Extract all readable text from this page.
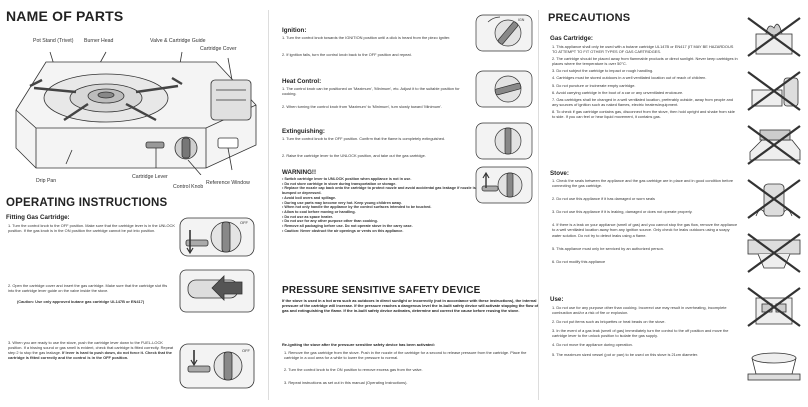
NAME OF PARTS
Pot Stand (Trivet) Burner Head	Valve & Cartridge Guide
Cartridge Cover
Drip Pan
Cartridge Lever
Control Knob
Reference Window
OPERATING INSTRUCTIONS
Fitting Gas Cartridge:
1. Turn the control knob to the OFF position. Make sure that the cartridge lever is in the UNLOCK position. If the gas knob is in the ON position the cartridge cannot be put into position.
OFF
2. Open the cartridge cover and insert the gas cartridge. Make sure that the cartridge slot fits into the cartridge lever guide on the valve inside the stove.
(Caution: Use only approved butane gas cartridge UL147B or EN417)
3. When you are ready to use the stove, push the cartridge lever down to the FUEL-LOCK position. If a hissing sound or gas smell is evident, check that cartridge is fitted correctly. Repeat step 2 to stop the gas leakage. If lever is hard to push down, do not force it. Check that the cartridge is fitted correctly and the control is in the OFF position.
OFF
Ignition:
1. Turn the control knob towards the IGNITION position until a click is heard from the piezo igniter.
2. If ignition fails, turn the control knob back to the OFF position and repeat.
Heat Control:
1. The control knob can be positioned on 'Maximum', 'Minimum', etc. Adjust it to the suitable position for cooking.
2. When turning the control knob from 'Maximum' to 'Minimum', turn slowly toward 'Minimum'.
Extinguishing:
1. Turn the control knob to the OFF position. Confirm that the flame is completely extinguished.
2. Raise the cartridge lever to the UNLOCK position, and take out the gas cartridge.
IGN
WARNING!!
• Switch cartridge lever to UNLOCK position when appliance is not in use.
• Do not store cartridge in stove during transportation or storage.
• Replace the nozzle cap back onto the cartridge to protect nozzle and avoid accidental gas leakage if nozzle is bumped or depressed.
• Avoid boil overs and spillage.
• During use parts may become very hot. Keep young children away.
• When hot only handle the appliance by the control surfaces intended to be touched.
• Allow to cool before moving or handling.
• Do not use as space heater.
• Do not use for any other purpose other than cooking.
• Remove all packaging before use. Do not operate stove in the carry case.
• Caution: Never obstruct the air openings or vents on this appliance.
PRESSURE SENSITIVE SAFETY DEVICE
If the stove is used in a hot area such as outdoors in direct sunlight or incorrectly (not in accordance with these instructions), the internal pressure of the cartridge will increase. If the pressure reaches a dangerous level the in-built safety device will activate stopping the flow of gas and extinguishing the flame. If the in-built safety device activates, determine and correct the cause before reusing the stove.
Re-igniting the stove after the pressure sensitive safety device has been activated:
1. Remove the gas cartridge from the stove. Push in the nozzle of the cartridge for a second to release pressure from the cartridge. Place the cartridge in a cool area for a while to lower the pressure to normal.
2. Turn the control knob to the ON position to remove excess gas from the valve.
3. Repeat instructions as set out in this manual (Operating Instructions).
PRECAUTIONS
Gas Cartridge:
1. This appliance shall only be used with a butane cartridge UL147B or EN417 (IT MAY BE HAZARDOUS TO ATTEMPT TO FIT OTHER TYPES OF GAS CARTRIDGES.
2. The cartridge should be placed away from flammable products or direct sunlight. Never keep cartridges in places where the temperature is over 50°C.
3. Do not subject the cartridge to impact or rough handling.
4. Cartridges must be stored outdoors in a well ventilated location out of reach of children.
5. Do not puncture or incinerate empty cartridge.
6. Avoid carrying cartridge in the boot of a car or any unventilated enclosure.
7. Gas cartridges shall be changed in a well ventilated location, preferably outside, away from people and any sources of ignition such as naked flames, electric heaters/equipment.
8. To check if gas cartridge contains gas, disconnect from the stove, then hold upright and shake from side to side. If you can feel or hear liquid movement, it contains gas.
Stove:
1. Check the seals between the appliance and the gas cartridge are in place and in good condition before connecting the gas cartridge.
2. Do not use this appliance if it has damaged or worn seals
3. Do not use this appliance if it is leaking, damaged or does not operate properly.
4. If there is a leak on your appliance (smell of gas) and you cannot stop the gas flow, remove the appliance to a well ventilated location away from any ignition source. Only check for leaks outdoors using a soapy water solution. Do not try to detect leaks using a flame.
5. This appliance must only be serviced by an authorized person.
6. Do not modify this appliance
Use:
1. Do not use for any purpose other than cooking. Incorrect use may result in overheating, incomplete combustion and/or a risk of fire or explosion.
2. Do not put items such as briquettes or heat beads on the stove.
3. In the event of a gas leak (smell of gas) immediately turn the control to the off position and move the cartridge lever to the unlock position to isolate the gas supply.
4. Do not move the appliance during operation.
5. The maximum sized vessel (pot or pan) to be used on this stove is 21cm diameter.
